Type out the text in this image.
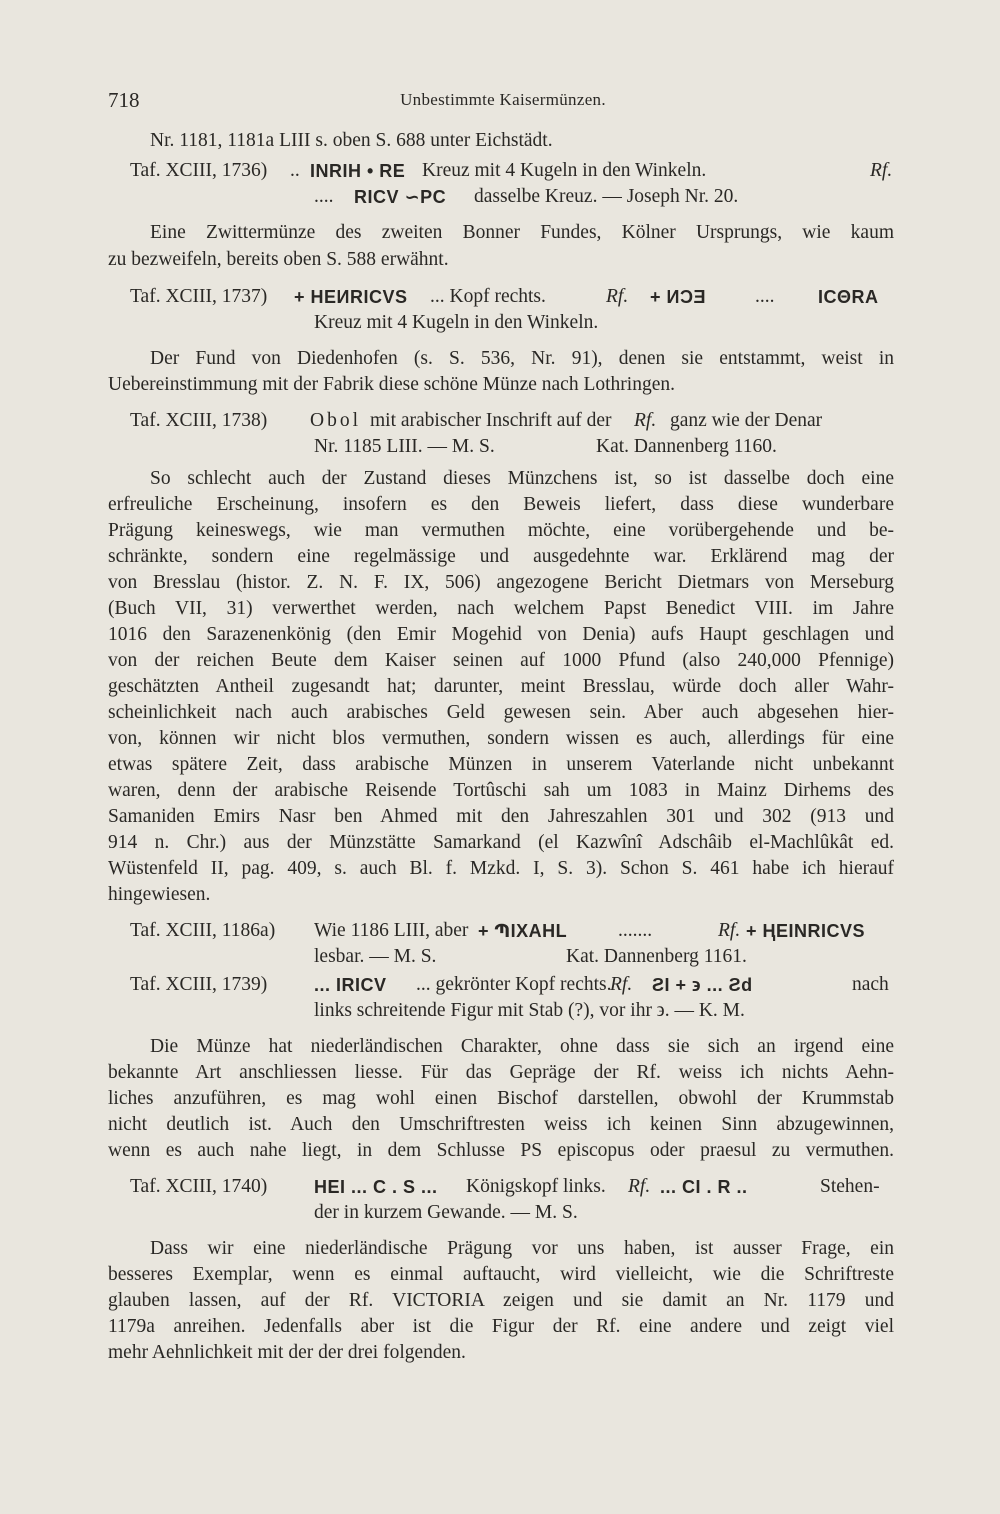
718	Unbestimmte Kaisermünzen.
Nr. 1181, 1181a LIII s. oben S. 688 unter Eichstädt.
Taf. XCIII, 1736) .. INRIH • RE Kreuz mit 4 Kugeln in den Winkeln.	Rf.
.... RICV ∽PC dasselbe Kreuz. — Joseph Nr. 20.
Eine Zwittermünze des zweiten Bonner Fundes, Kölner Ursprungs, wie kaum
zu bezweifeln, bereits oben S. 588 erwähnt.
Taf. XCIII, 1737) + HEИRICVS ... Kopf rechts.	Rf. + ИƆƎ	.... ICΘRA
Kreuz mit 4 Kugeln in den Winkeln.
Der Fund von Diedenhofen (s. S. 536, Nr. 91), denen sie entstammt, weist in
Uebereinstimmung mit der Fabrik diese schöne Münze nach Lothringen.
Taf. XCIII, 1738) Obol mit arabischer Inschrift auf der Rf. ganz wie der Denar
Nr. 1185 LIII. — M. S.	Kat. Dannenberg 1160.
So schlecht auch der Zustand dieses Münzchens ist, so ist dasselbe doch eine
erfreuliche Erscheinung, insofern es den Beweis liefert, dass diese wunderbare
Prägung keineswegs, wie man vermuthen möchte, eine vorübergehende und be-
schränkte, sondern eine regelmässige und ausgedehnte war. Erklärend mag der
von Bresslau (histor. Z. N. F. IX, 506) angezogene Bericht Dietmars von Merseburg
(Buch VII, 31) verwerthet werden, nach welchem Papst Benedict VIII. im Jahre
1016 den Sarazenenkönig (den Emir Mogehid von Denia) aufs Haupt geschlagen und
von der reichen Beute dem Kaiser seinen auf 1000 Pfund (also 240,000 Pfennige)
geschätzten Antheil zugesandt hat; darunter, meint Bresslau, würde doch aller Wahr-
scheinlichkeit nach auch arabisches Geld gewesen sein. Aber auch abgesehen hier-
von, können wir nicht blos vermuthen, sondern wissen es auch, allerdings für eine
etwas spätere Zeit, dass arabische Münzen in unserem Vaterlande nicht unbekannt
waren, denn der arabische Reisende Tortûschi sah um 1083 in Mainz Dirhems des
Samaniden Emirs Nasr ben Ahmed mit den Jahreszahlen 301 und 302 (913 und
914 n. Chr.) aus der Münzstätte Samarkand (el Kazwînî Adschâib el-Machlûkât ed.
Wüstenfeld II, pag. 409, s. auch Bl. f. Mzkd. I, S. 3). Schon S. 461 habe ich hierauf
hingewiesen.
Taf. XCIII, 1186a) Wie 1186 LIII, aber + ՊIXAHL	.......	Rf. + ⱧEINRICVS
lesbar. — M. S.	Kat. Dannenberg 1161.
Taf. XCIII, 1739)	... IRICV ... gekrönter Kopf rechts.
Rf. ƧI + ϶ ... Ƨd	nach
links schreitende Figur mit Stab (?), vor ihr ϶. — K. M.
Die Münze hat niederländischen Charakter, ohne dass sie sich an irgend eine
bekannte Art anschliessen liesse. Für das Gepräge der Rf. weiss ich nichts Aehn-
liches anzuführen, es mag wohl einen Bischof darstellen, obwohl der Krummstab
nicht deutlich ist. Auch den Umschriftresten weiss ich keinen Sinn abzugewinnen,
wenn es auch nahe liegt, in dem Schlusse PS episcopus oder praesul zu vermuthen.
Taf. XCIII, 1740)	HEI ... C . S ... Königskopf links. Rf. ... CI . R ..	Stehen-
der in kurzem Gewande. — M. S.
Dass wir eine niederländische Prägung vor uns haben, ist ausser Frage, ein
besseres Exemplar, wenn es einmal auftaucht, wird vielleicht, wie die Schriftreste
glauben lassen, auf der Rf. VICTORIA zeigen und sie damit an Nr. 1179 und
1179a anreihen. Jedenfalls aber ist die Figur der Rf. eine andere und zeigt viel
mehr Aehnlichkeit mit der der drei folgenden.
